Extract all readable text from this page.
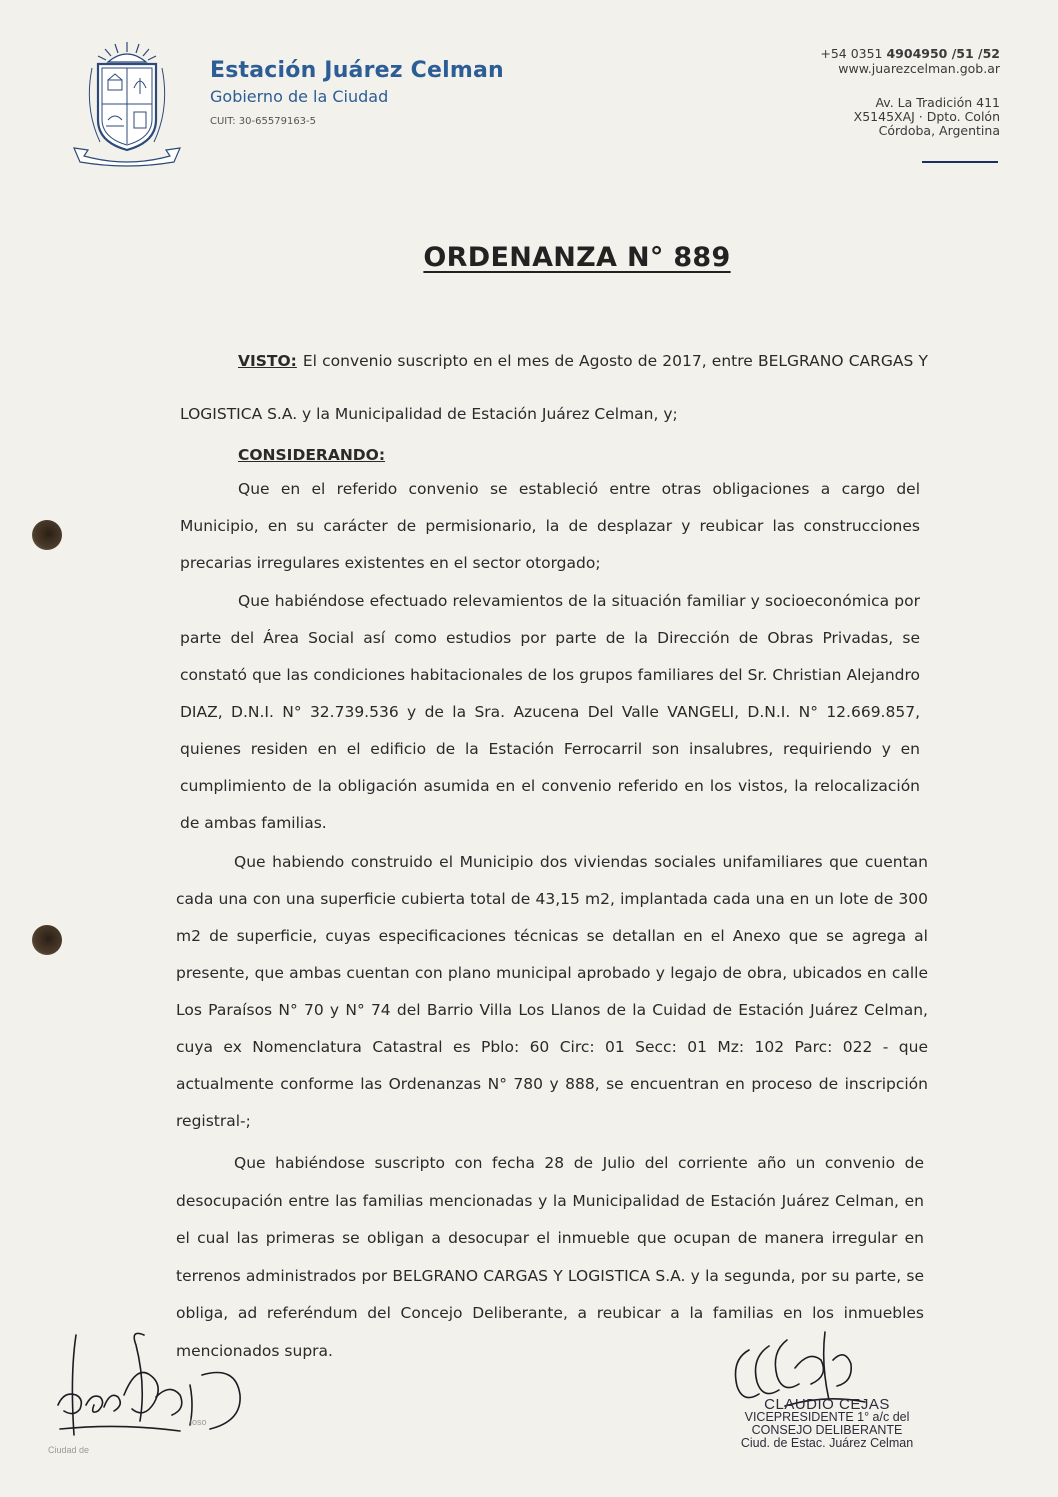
Estación Juárez Celman
Gobierno de la Ciudad
CUIT: 30-65579163-5
+54 0351 4904950 /51 /52
www.juarezcelman.gob.ar
Av. La Tradición 411
X5145XAJ · Dpto. Colón
Córdoba, Argentina
ORDENANZA N° 889
VISTO: El convenio suscripto en el mes de Agosto de 2017, entre BELGRANO CARGAS Y LOGISTICA S.A. y la Municipalidad de Estación Juárez Celman, y;
CONSIDERANDO:
Que en el referido convenio se estableció entre otras obligaciones a cargo del Municipio, en su carácter de permisionario, la de desplazar y reubicar las construcciones precarias irregulares existentes en el sector otorgado;
Que habiéndose efectuado relevamientos de la situación familiar y socioeconómica por parte del Área Social así como estudios por parte de la Dirección de Obras Privadas, se constató que las condiciones habitacionales de los grupos familiares del Sr. Christian Alejandro DIAZ, D.N.I. N° 32.739.536 y de la Sra. Azucena Del Valle VANGELI, D.N.I. N° 12.669.857, quienes residen en el edificio de la Estación Ferrocarril son insalubres, requiriendo y en cumplimiento de la obligación asumida en el convenio referido en los vistos, la relocalización de ambas familias.
Que habiendo construido el Municipio dos viviendas sociales unifamiliares que cuentan cada una con una superficie cubierta total de 43,15 m2, implantada cada una en un lote de 300 m2 de superficie, cuyas especificaciones técnicas se detallan en el Anexo que se agrega al presente, que ambas cuentan con plano municipal aprobado y legajo de obra, ubicados en calle Los Paraísos N° 70 y N° 74 del Barrio Villa Los Llanos de la Cuidad de Estación Juárez Celman, cuya ex Nomenclatura Catastral es Pblo: 60 Circ: 01 Secc: 01 Mz: 102 Parc: 022 - que actualmente conforme las Ordenanzas N° 780 y 888, se encuentran en proceso de inscripción registral-;
Que habiéndose suscripto con fecha 28 de Julio del corriente año un convenio de desocupación entre las familias mencionadas y la Municipalidad de Estación Juárez Celman, en el cual las primeras se obligan a desocupar el inmueble que ocupan de manera irregular en terrenos administrados por BELGRANO CARGAS Y LOGISTICA S.A. y la segunda, por su parte, se obliga, ad referéndum del Concejo Deliberante, a reubicar a la familias en los inmuebles mencionados supra.
Ciudad de
ioso
CLAUDIO CEJAS
VICEPRESIDENTE 1° a/c del
CONSEJO DELIBERANTE
Ciud. de Estac. Juárez Celman
